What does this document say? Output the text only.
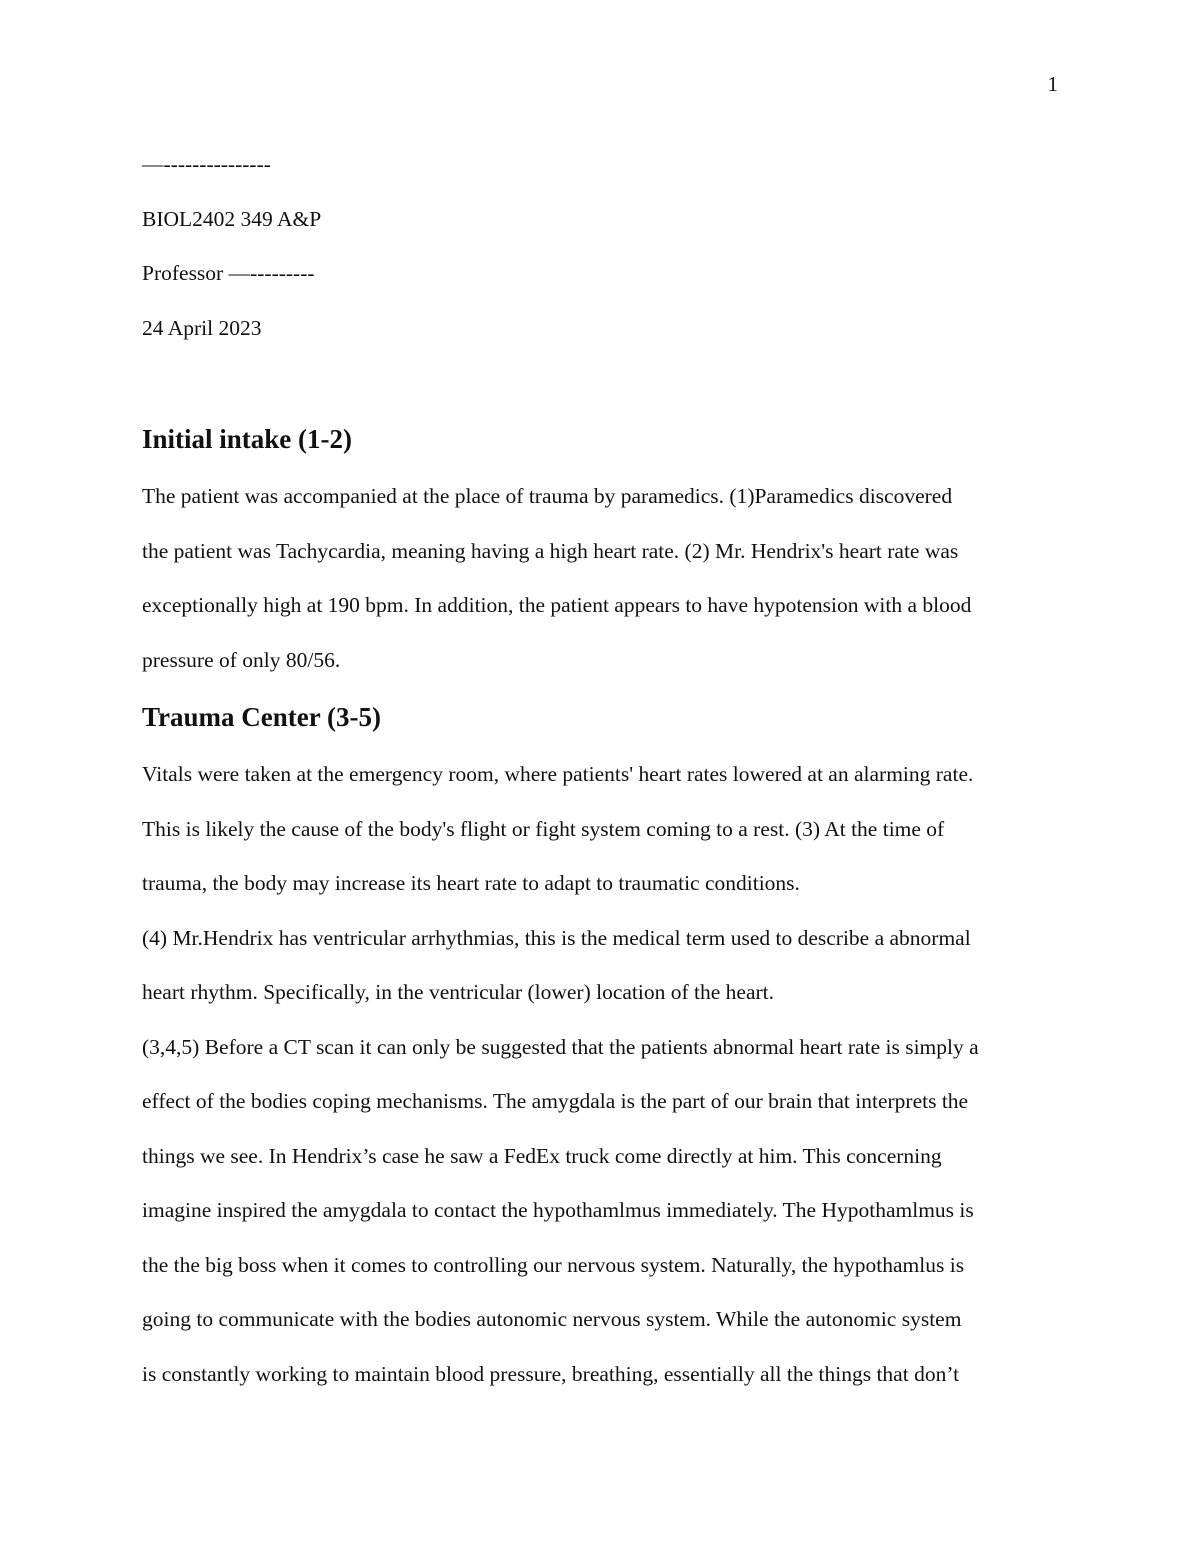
1

—---------------

BIOL2402 349 A&P

Professor —---------

24 April 2023

Initial intake (1-2)

The patient was accompanied at the place of trauma by paramedics. (1)Paramedics discovered

the patient was Tachycardia, meaning having a high heart rate. (2) Mr. Hendrix's heart rate was

exceptionally high at 190 bpm. In addition, the patient appears to have hypotension with a blood

pressure of only 80/56.

Trauma Center (3-5)

Vitals were taken at the emergency room, where patients' heart rates lowered at an alarming rate.

This is likely the cause of the body's flight or fight system coming to a rest. (3) At the time of

trauma, the body may increase its heart rate to adapt to traumatic conditions.

(4) Mr.Hendrix has ventricular arrhythmias, this is the medical term used to describe a abnormal

heart rhythm. Specifically, in the ventricular (lower) location of the heart.

(3,4,5) Before a CT scan it can only be suggested that the patients abnormal heart rate is simply a

effect of the bodies coping mechanisms. The amygdala is the part of our brain that interprets the

things we see. In Hendrix’s case he saw a FedEx truck come directly at him. This concerning

imagine inspired the amygdala to contact the hypothamlmus immediately. The Hypothamlmus is

the the big boss when it comes to controlling our nervous system. Naturally, the hypothamlus is

going to communicate with the bodies autonomic nervous system. While the autonomic system

is constantly working to maintain blood pressure, breathing, essentially all the things that don’t
